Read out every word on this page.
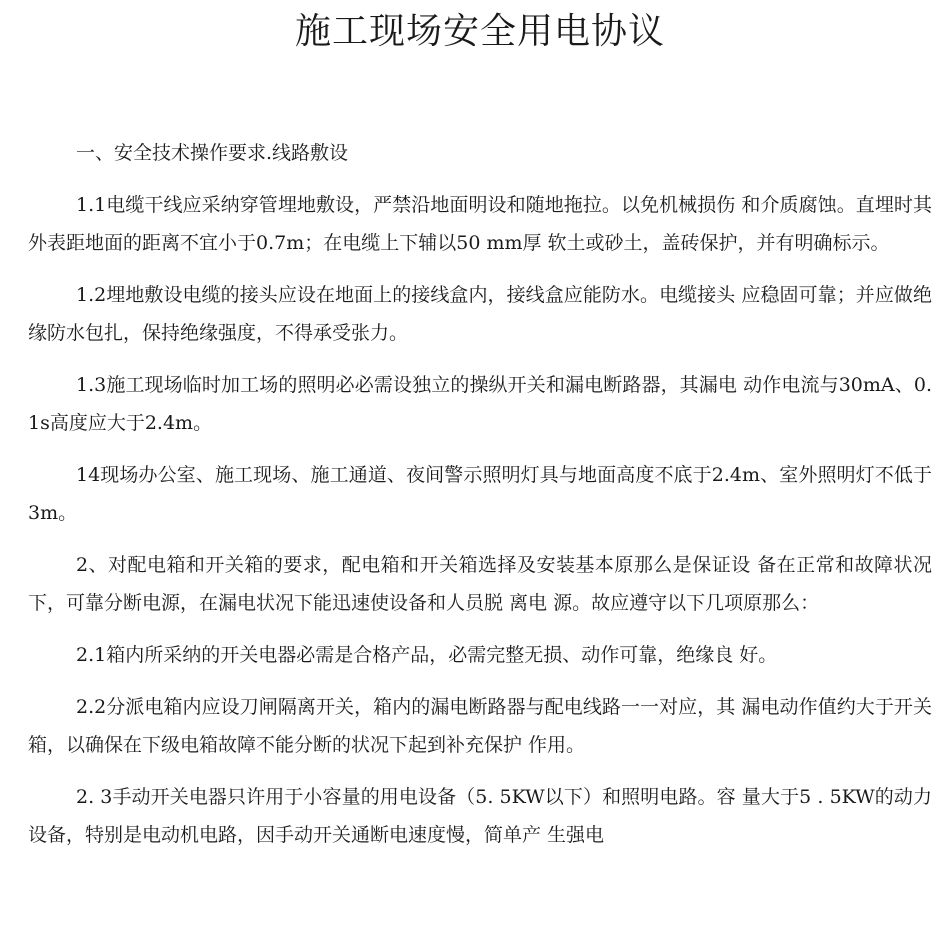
施工现场安全用电协议

一、安全技术操作要求.线路敷设

1.1电缆干线应采纳穿管埋地敷设，严禁沿地面明设和随地拖拉。以免机械损伤 和介质腐蚀。直埋时其外表距地面的距离不宜小于0.7m；在电缆上下辅以50 mm厚 软土或砂土，盖砖保护，并有明确标示。

1.2埋地敷设电缆的接头应设在地面上的接线盒内，接线盒应能防水。电缆接头 应稳固可靠；并应做绝缘防水包扎，保持绝缘强度，不得承受张力。

1.3施工现场临时加工场的照明必必需设独立的操纵开关和漏电断路器，其漏电 动作电流与30mA、0.1s高度应大于2.4m。

14现场办公室、施工现场、施工通道、夜间警示照明灯具与地面高度不底于2.4m、室外照明灯不低于3m。

2、对配电箱和开关箱的要求，配电箱和开关箱选择及安装基本原那么是保证设 备在正常和故障状况下，可靠分断电源，在漏电状况下能迅速使设备和人员脱 离电 源。故应遵守以下几项原那么：

2.1箱内所采纳的开关电器必需是合格产品，必需完整无损、动作可靠，绝缘良 好。

2.2分派电箱内应设刀闸隔离开关，箱内的漏电断路器与配电线路一一对应，其 漏电动作值约大于开关箱，以确保在下级电箱故障不能分断的状况下起到补充保护 作用。

2. 3手动开关电器只许用于小容量的用电设备（5. 5KW以下）和照明电路。容 量大于5 . 5KW的动力设备，特别是电动机电路，因手动开关通断电速度慢，简单产 生强电
